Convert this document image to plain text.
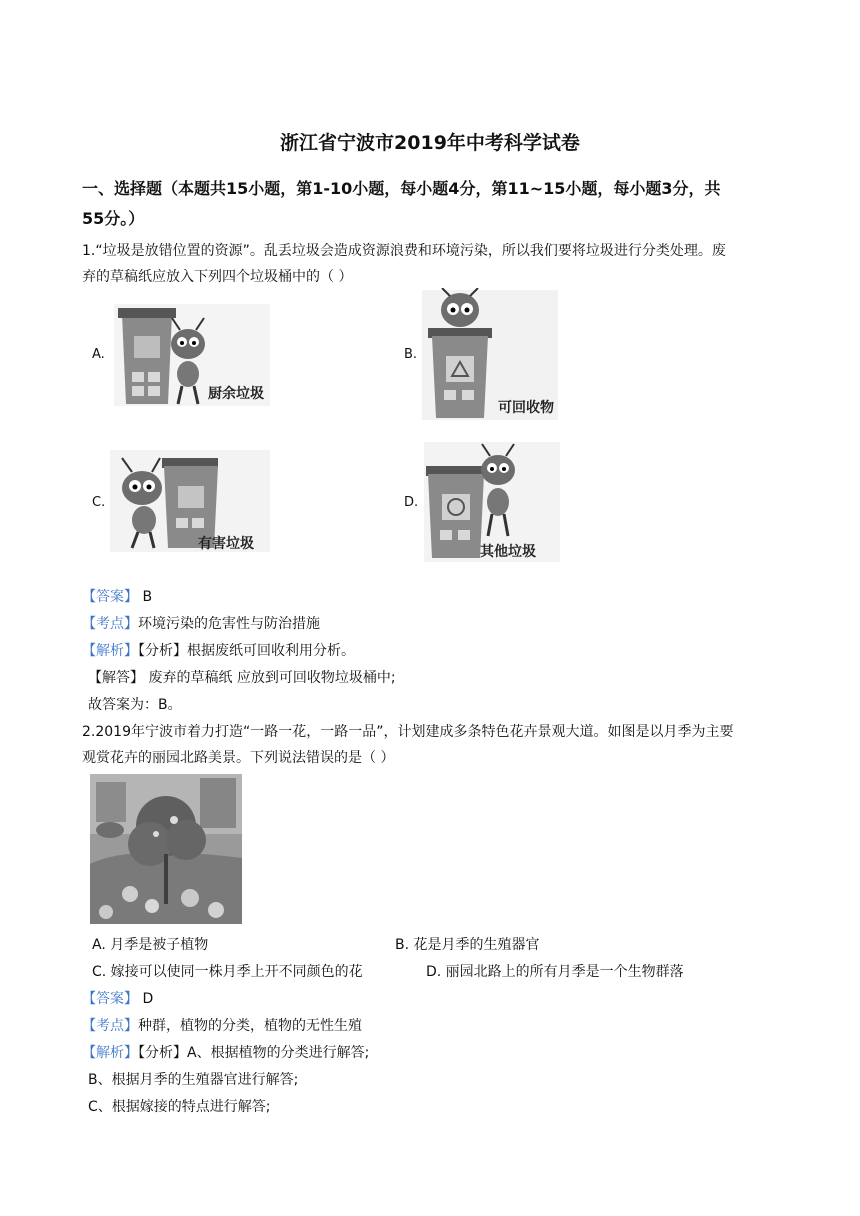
浙江省宁波市2019年中考科学试卷
一、选择题（本题共15小题，第1-10小题，每小题4分，第11~15小题，每小题3分，共
55分。）
1.“垃圾是放错位置的资源”。乱丢垃圾会造成资源浪费和环境污染，所以我们要将垃圾进行分类处理。废
弃的草稿纸应放入下列四个垃圾桶中的（ ）
A.
厨余垃圾
B.
可回收物
C.
有害垃圾
D.
其他垃圾
【答案】 B
【考点】环境污染的危害性与防治措施
【解析】【分析】根据废纸可回收利用分析。
【解答】 废弃的草稿纸 应放到可回收物垃圾桶中;
故答案为：B。
2.2019年宁波市着力打造“一路一花，一路一品”，计划建成多条特色花卉景观大道。如图是以月季为主要
观赏花卉的丽园北路美景。下列说法错误的是（ ）
A. 月季是被子植物	B. 花是月季的生殖器官
C. 嫁接可以使同一株月季上开不同颜色的花	D. 丽园北路上的所有月季是一个生物群落
【答案】 D
【考点】种群，植物的分类，植物的无性生殖
【解析】【分析】A、根据植物的分类进行解答;
B、根据月季的生殖器官进行解答;
C、根据嫁接的特点进行解答;
